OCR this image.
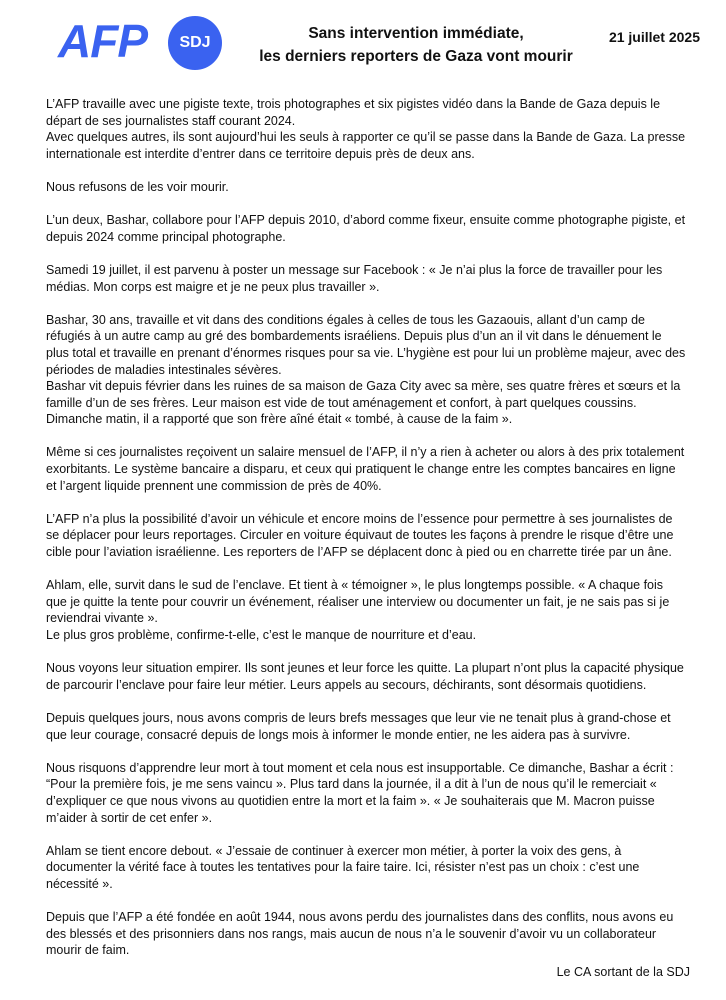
AFP	SDJ
Sans intervention immédiate,
les derniers reporters de Gaza vont mourir
21 juillet 2025

L’AFP travaille avec une pigiste texte, trois photographes et six pigistes vidéo dans la Bande de Gaza depuis le départ de ses journalistes staff courant 2024.

Avec quelques autres, ils sont aujourd’hui les seuls à rapporter ce qu’il se passe dans la Bande de Gaza. La presse internationale est interdite d’entrer dans ce territoire depuis près de deux ans.

Nous refusons de les voir mourir.

L’un deux, Bashar, collabore pour l’AFP depuis 2010, d’abord comme fixeur, ensuite comme photographe pigiste, et depuis 2024 comme principal photographe.

Samedi 19 juillet, il est parvenu à poster un message sur Facebook : « Je n’ai plus la force de travailler pour les médias. Mon corps est maigre et je ne peux plus travailler ».

Bashar, 30 ans, travaille et vit dans des conditions égales à celles de tous les Gazaouis, allant d’un camp de réfugiés à un autre camp au gré des bombardements israéliens. Depuis plus d’un an il vit dans le dénuement le plus total et travaille en prenant d’énormes risques pour sa vie. L’hygiène est pour lui un problème majeur, avec des périodes de maladies intestinales sévères.

Bashar vit depuis février dans les ruines de sa maison de Gaza City avec sa mère, ses quatre frères et sœurs et la famille d’un de ses frères. Leur maison est vide de tout aménagement et confort, à part quelques coussins. Dimanche matin, il a rapporté que son frère aîné était « tombé, à cause de la faim ».

Même si ces journalistes reçoivent un salaire mensuel de l’AFP, il n’y a rien à acheter ou alors à des prix totalement exorbitants. Le système bancaire a disparu, et ceux qui pratiquent le change entre les comptes bancaires en ligne et l’argent liquide prennent une commission de près de 40%.

L’AFP n’a plus la possibilité d’avoir un véhicule et encore moins de l’essence pour permettre à ses journalistes de se déplacer pour leurs reportages. Circuler en voiture équivaut de toutes les façons à prendre le risque d’être une cible pour l’aviation israélienne. Les reporters de l’AFP se déplacent donc à pied ou en charrette tirée par un âne.

Ahlam, elle, survit dans le sud de l’enclave. Et tient à « témoigner », le plus longtemps possible. « A chaque fois que je quitte la tente pour couvrir un événement, réaliser une interview ou documenter un fait, je ne sais pas si je reviendrai vivante ».

Le plus gros problème, confirme-t-elle, c’est le manque de nourriture et d’eau.

Nous voyons leur situation empirer. Ils sont jeunes et leur force les quitte. La plupart n’ont plus la capacité physique de parcourir l’enclave pour faire leur métier. Leurs appels au secours, déchirants, sont désormais quotidiens.

Depuis quelques jours, nous avons compris de leurs brefs messages que leur vie ne tenait plus à grand-chose et que leur courage, consacré depuis de longs mois à informer le monde entier, ne les aidera pas à survivre.

Nous risquons d’apprendre leur mort à tout moment et cela nous est insupportable. Ce dimanche, Bashar a écrit : “Pour la première fois, je me sens vaincu ». Plus tard dans la journée, il a dit à l’un de nous qu’il le remerciait « d’expliquer ce que nous vivons au quotidien entre la mort et la faim ». « Je souhaiterais que M. Macron puisse m’aider à sortir de cet enfer ».

Ahlam se tient encore debout. « J’essaie de continuer à exercer mon métier, à porter la voix des gens, à documenter la vérité face à toutes les tentatives pour la faire taire. Ici, résister n’est pas un choix : c’est une nécessité ».

Depuis que l’AFP a été fondée en août 1944, nous avons perdu des journalistes dans des conflits, nous avons eu des blessés et des prisonniers dans nos rangs, mais aucun de nous n’a le souvenir d’avoir vu un collaborateur mourir de faim.

Le CA sortant de la SDJ
